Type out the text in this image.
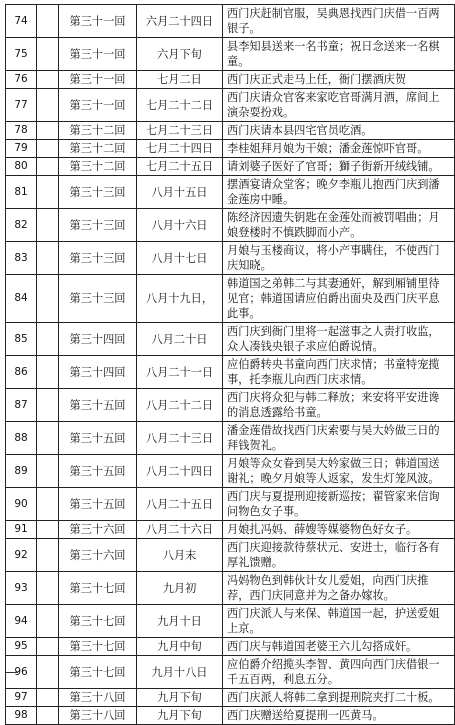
74		第三十一回	六月二十四日	西门庆赶制官服，吴典恩找西门庆借一百两银子。
75		第三十一回	六月下旬	县李知县送来一名书童；祝日念送来一名棋童。
76		第三十一回	七月二日	西门庆正式走马上任，衙门摆酒庆贺
77		第三十一回	七月二十二日	西门庆请众官客来家吃官哥满月酒，席间上演杂耍扮戏。
78		第三十二回	七月二十三日	西门庆请本县四宅官员吃酒。
79		第三十二回	七月二十四日	李桂姐拜月娘为干娘；潘金莲惊吓官哥。
80		第三十二回	七月二十五日	请刘婆子医好了官哥；獅子街新开绒线铺。
81		第三十三回	八月十五日	摆酒宴请众堂客；晚夕李瓶儿抱西门庆到潘金莲房中睡。
82		第三十三回	八月十六日	陈经济因遗失钥匙在金莲处而被罚唱曲；月娘登楼时不慎跌脚而小产。
83		第三十三回	八月十七日	月娘与玉楼商议，将小产事瞒住，不使西门庆知晓。
84		第三十三回	八月十九日，	韩道国之弟韩二与其妻通奸，解到厢铺里待见官；韩道国请应伯爵出面央及西门庆平息此事。
85		第三十四回	八月二十日	西门庆到衙门里将一起滋事之人责打收监，众人凑钱央银子求应伯爵说情。
86		第三十四回	八月二十一日	应伯爵转央书童向西门庆求情；书童特宠揽事，托李瓶儿向西门庆求情。
87		第三十五回	八月二十二日	西门庆将众犯与韩二释放；来安将平安进谗的消息透露给书童。
88		第三十五回	八月二十三日	潘金莲借故找西门庆索要与吴大妗做三日的拜钱贺礼。
89		第三十五回	八月二十四日	月娘等众女眷到吴大妗家做三日；韩道国送谢礼；晚夕月娘等人返家，发生灯笼风波。
90		第三十五回	八月二十五日	西门庆与夏提刑迎接新巡按；翟管家来信询问物色女子事。
91		第三十六回	八月二十六日	月娘扎冯妈、薛嫂等媒婆物色好女子。
92		第三十六回	八月末	西门庆迎接款待蔡状元、安进士，临行各有厚礼馈赠。
93		第三十七回	九月初	冯妈物色到韩伙计女儿爱姐，向西门庆推荐，西门庆同意并为之备办嫁妆。
94		第三十七回	九月十日	西门庆派人与来保、韩道国一起，护送爱姐上京。
95		第三十七回	九月中旬	西门庆与韩道国老婆王六儿勾搭成奸。
96		第三十七回	九月十八日	应伯爵介绍揽头李智、黄四向西门庆借银一千五百两，利息五分。
97		第三十八回	九月下旬	西门庆派人将韩二拿到提刑院夹打二十板。
98		第三十八回	九月下旬	西门庆赠送给夏提刑一匹黄马。
